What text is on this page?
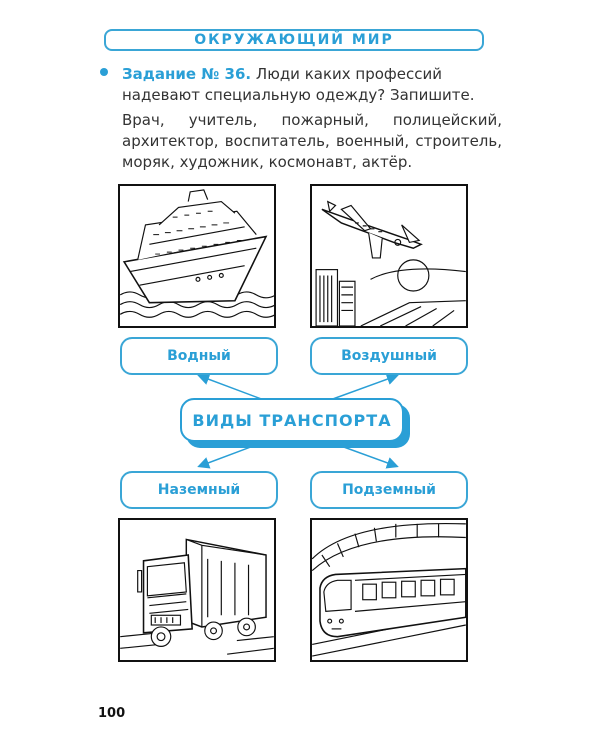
ОКРУЖАЮЩИЙ МИР
Задание № 36. Люди каких профессий надевают специальную одежду? Запишите.
Врач, учитель, пожарный, полицейский, архитектор, воспитатель, военный, строитель, моряк, художник, космонавт, актёр.
Водный	Воздушный
ВИДЫ ТРАНСПОРТА
Наземный	Подземный
100
